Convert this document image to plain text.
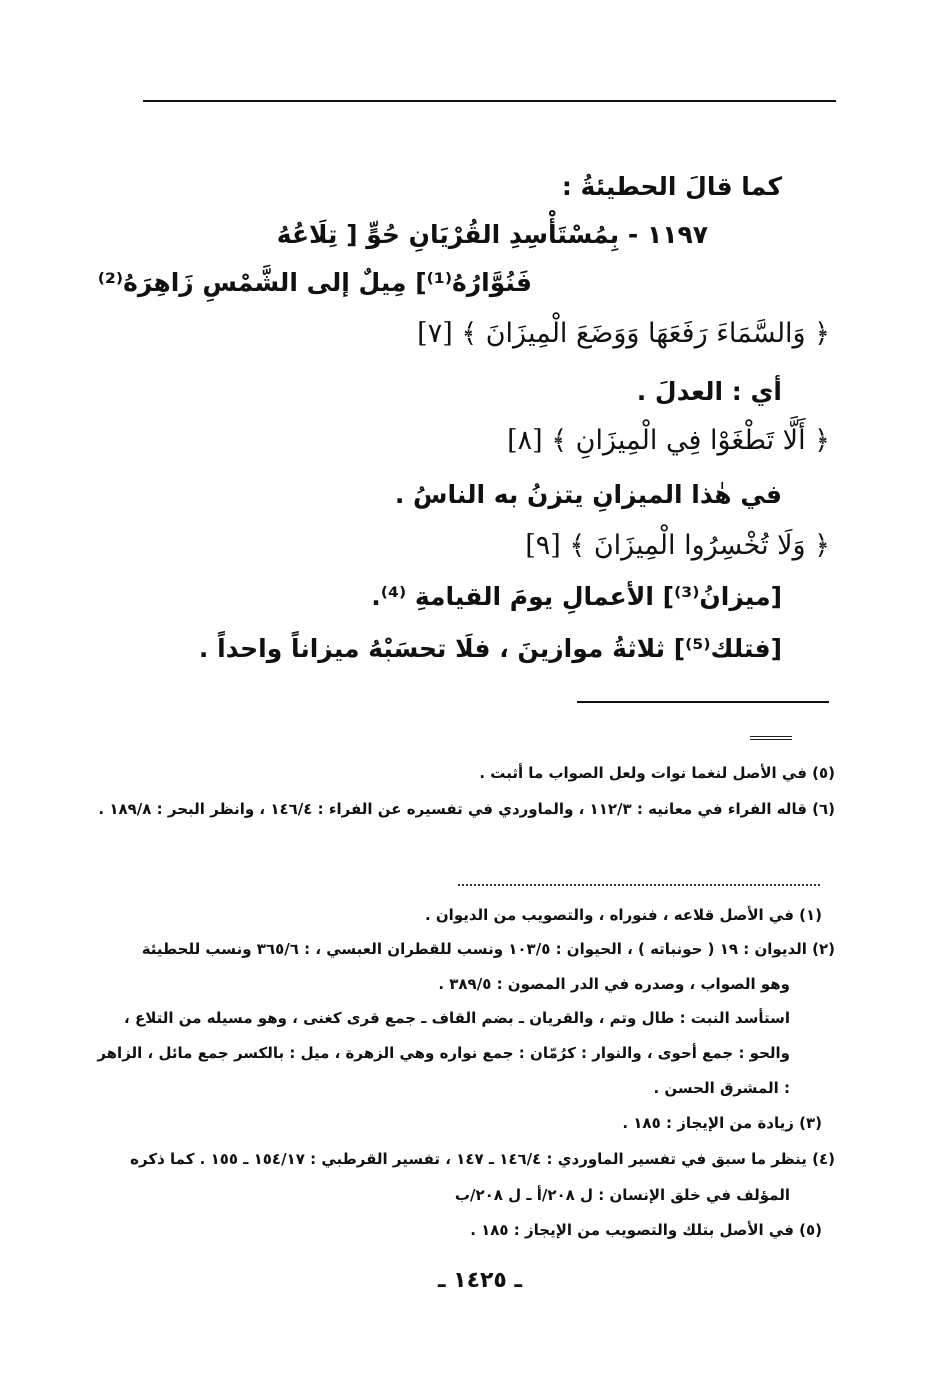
كما قالَ الحطيئةُ :
١١٩٧ - بِمُسْتَأْسِدِ القُرْيَانِ حُوٍّ [ تِلَاعُهُ
فَنُوَّارُهُ⁽¹⁾] مِيلٌ إلى الشَّمْسِ زَاهِرَهُ⁽²⁾
﴿ وَالسَّمَاءَ رَفَعَهَا وَوَضَعَ الْمِيزَانَ ﴾ [٧]
أي : العدلَ .
﴿ أَلَّا تَطْغَوْا فِي الْمِيزَانِ ﴾ [٨]
في هٰذا الميزانِ يتزنُ به الناسُ .
﴿ وَلَا تُخْسِرُوا الْمِيزَانَ ﴾ [٩]
[ميزانُ⁽³⁾] الأعمالِ يومَ القيامةِ ⁽⁴⁾.
[فتلك⁽⁵⁾] ثلاثةُ موازينَ ، فلَا تحسَبْهُ ميزاناً واحداً .
(٥) في الأصل لنغما نوات ولعل الصواب ما أثبت .
(٦) قاله الفراء في معانيه : ١١٢/٣ ، والماوردي في تفسيره عن الفراء : ١٤٦/٤ ، وانظر البحر : ١٨٩/٨ .
(١) في الأصل قلاعه ، فنوراه ، والتصويب من الديوان .
(٢) الديوان : ١٩ ( حونباته ) ، الحيوان : ١٠٣/٥ ونسب للقطران العبسي ، : ٣٦٥/٦ ونسب للحطيئة
وهو الصواب ، وصدره في الدر المصون : ٣٨٩/٥ .
استأسد النبت : طال وتم ، والقريان ـ بضم القاف ـ جمع قرى كغنى ، وهو مسيله من التلاع ،
والحو : جمع أحوى ، والنوار : كرُمّان : جمع نواره وهي الزهرة ، ميل : بالكسر جمع مائل ، الزاهر
: المشرق الحسن .
(٣) زيادة من الإيجاز : ١٨٥ .
(٤) ينظر ما سبق في تفسير الماوردي : ١٤٦/٤ ـ ١٤٧ ، تفسير القرطبي : ١٥٤/١٧ ـ ١٥٥ . كما ذكره
المؤلف في خلق الإنسان : ل ٢٠٨/أ ـ ل ٢٠٨/ب
(٥) في الأصل بتلك والتصويب من الإيجاز : ١٨٥ .
ـ ١٤٢٥ ـ
